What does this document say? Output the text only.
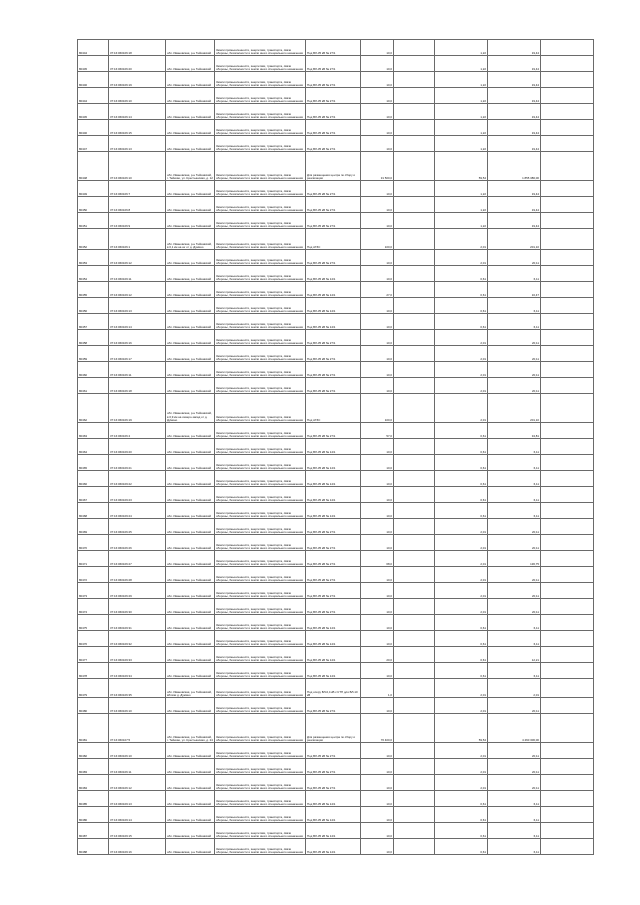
80444	37:16:060106:18	обл. Ивановская, р-н Тейковский	Земли промышленности, энергетики, транспорта, связи обороны, безопасности и земли иного специального назначения	Под ВЛ-35 кВ № 27/1	10,0		1,22	19,44	
80445	37:16:060106:20	обл. Ивановская, р-н Тейковский	Земли промышленности, энергетики, транспорта, связи обороны, безопасности и земли иного специального назначения	Под ВЛ-35 кВ № 27/1	10,0		1,22	19,44	
80446	37:16:060106:19	обл. Ивановская, р-н Тейковский	Земли промышленности, энергетики, транспорта, связи обороны, безопасности и земли иного специального назначения	Под ВЛ-35 кВ № 27/1	10,0		1,22	19,44	
80444	37:16:060106:10	обл. Ивановская, р-н Тейковский	Земли промышленности, энергетики, транспорта, связи обороны, безопасности и земли иного специального назначения	Под ВЛ-35 кВ № 27/1	10,0		1,22	19,44	
80445	37:16:060106:14	обл. Ивановская, р-н Тейковский	Земли промышленности, энергетики, транспорта, связи обороны, безопасности и земли иного специального назначения	Под ВЛ-35 кВ № 27/1	10,0		1,22	19,44	
80446	37:16:060106:15	обл. Ивановская, р-н Тейковский	Земли промышленности, энергетики, транспорта, связи обороны, безопасности и земли иного специального назначения	Под ВЛ-35 кВ № 27/1	10,0		1,22	19,44	
80447	37:16:060106:13	обл. Ивановская, р-н Тейковский	Земли промышленности, энергетики, транспорта, связи обороны, безопасности и земли иного специального назначения	Под ВЛ-35 кВ № 27/1	10,0		1,22	19,44	
80448	37:16:060106:10	обл. Ивановская, р-н Тейковский, г. Тейково, ул. Крестьянская, д. 12	Земли промышленности, энергетики, транспорта, связи обороны, безопасности и земли иного специального назначения	Для размещения центра по сбору и реализации	31 500,0		59,54	1 855 386,00	
80449	37:16:060106:7	обл. Ивановская, р-н Тейковский	Земли промышленности, энергетики, транспорта, связи обороны, безопасности и земли иного специального назначения	Под ВЛ-35 кВ № 27/1	10,0		1,22	19,44	
80450	37:16:060106:8	обл. Ивановская, р-н Тейковский	Земли промышленности, энергетики, транспорта, связи обороны, безопасности и земли иного специального назначения	Под ВЛ-35 кВ № 27/1	10,0		1,22	19,44	
80451	37:16:060106:9	обл. Ивановская, р-н Тейковский	Земли промышленности, энергетики, транспорта, связи обороны, безопасности и земли иного специального назначения	Под ВЛ-35 кВ № 27/1	10,0		1,22	19,44	
80452	37:16:060106:1	обл. Ивановская, р-н Тейковский, в 0,1 км на юг от д. Думино	Земли промышленности, энергетики, транспорта, связи обороны, безопасности и земли иного специального назначения	Под АГЗС	100,0		2,01	201,10	
80453	37:16:060106:12	обл. Ивановская, р-н Тейковский	Земли промышленности, энергетики, транспорта, связи обороны, безопасности и земли иного специального назначения	Под ВЛ-35 кВ № 27/1	10,0		2,01	20,11	
80454	37:16:060109:11	обл. Ивановская, р-н Тейковский	Земли промышленности, энергетики, транспорта, связи обороны, безопасности и земли иного специального назначения	Под ВЛ-35 кВ № 14/1	10,0		0,61	6,11	
80455	37:16:060109:12	обл. Ивановская, р-н Тейковский	Земли промышленности, энергетики, транспорта, связи обороны, безопasности и земли иного специального назначения	Под ВЛ-35 кВ № 14/1	27,0		0,61	16,47	
80456	37:16:060109:13	обл. Ивановская, р-н Тейковский	Земли промышленности, энергетики, транспорта, связи обороны, безопасности и земли иного специального назначения	Под ВЛ-35 кВ № 14/1	10,0		0,61	6,11	
80457	37:16:060109:14	обл. Ивановская, р-н Тейковский	Земли промышленности, энергетики, транспорта, связи обороны, безопасности и земли иного специального назначения	Под ВЛ-35 кВ № 14/1	10,0		0,61	6,11	
80458	37:16:060106:16	обл. Ивановская, р-н Тейковский	Земли промышленности, энергетики, транспорта, связи обороны, безопасности и земли иного специального назначения	Под ВЛ-35 кВ № 27/1	10,0		2,01	20,11	
80459	37:16:060106:17	обл. Ивановская, р-н Тейковский	Земли промышленности, энергетики, транспорта, связи обороны, безопасности и земли иного специального назначения	Под ВЛ-35 кВ № 27/1	10,0		2,01	20,11	
80460	37:16:060106:11	обл. Ивановская, р-н Тейковский	Земли промышленности, энергетики, транспорта, связи обороны, безопасности и земли иного специального назначения	Под ВЛ-35 кВ № 27/1	10,0		2,01	20,11	
80461	37:16:060106:18	обл. Ивановская, р-н Тейковский	Земли промышленности, энергетики, транспорта, связи обороны, безопасности и земли иного специального назначения	Под ВЛ-35 кВ № 27/1	10,0		2,01	20,11	
80462	37:16:060106:19	обл. Ивановская, р-н Тейковский, в 0,9 км на северо-запад от д. Думино	Земли промышленности, энергетики, транспорта, связи обороны, безопасности и земли иного специального назначения	Под АГЗС	100,0		2,01	201,10	
80463	37:16:060106:4	обл. Ивановская, р-н Тейковский	Земли промышленности, энергетики, транспорта, связи обороны, безопасности и земли иного специального назначения	Под ВЛ-35 кВ № 27/1	57,0		0,61	34,81	
80464	37:16:060109:20	обл. Ивановская, р-н Тейковский	Земли промышленности, энергетики, транспорта, связи обороны, безопасности и земли иного специального назначения	Под ВЛ-35 кВ № 14/1	10,0		0,61	6,11	
80465	37:16:060109:21	обл. Ивановская, р-н Тейковский	Земли промышленности, энергетики, транспорта, связи обороны, безопасности и земли иного специального назначения	Под ВЛ-35 кВ № 14/1	10,0		0,61	6,11	
80466	37:16:060109:22	обл. Ивановская, р-н Тейковский	Земли промышленности, энергетики, транспорта, связи обороны, безопасности и земли иного специального назначения	Под ВЛ-35 кВ № 14/1	10,0		0,61	6,11	
80467	37:16:060109:23	обл. Ивановская, р-н Тейковский	Земли промышленности, энергетики, транспорта, связи обороны, безопасности и земли иного специального назначения	Под ВЛ-35 кВ № 14/1	10,0		0,61	6,11	
80468	37:16:060109:24	обл. Ивановская, р-н Тейковский	Земли промышленности, энергетики, транспорта, связи обороны, безопасности и земли иного специального назначения	Под ВЛ-35 кВ № 14/1	10,0		0,61	6,11	
80469	37:16:060106:25	обл. Ивановская, р-н Тейковский	Земли промышленности, энергетики, транспорта, связи обороны, безопасности и земли иного специального назначения	Под ВЛ-35 кВ № 27/1	10,0		2,01	20,11	
80470	37:16:060106:26	обл. Ивановская, р-н Тейковский	Земли промышленности, энергетики, транспорта, связи обороны, безопасности и земли иного специального назначения	Под ВЛ-35 кВ № 27/1	10,0		2,01	20,11	
80471	37:16:060106:27	обл. Ивановская, р-н Тейковский	Земли промышленности, энергетики, транспорта, связи обороны, безопасности и земли иного специального назначения	Под ВЛ-35 кВ № 27/1	68,0		2,01	136,75	
80472	37:16:060106:28	обл. Ивановская, р-н Тейковский	Земли промышленности, энергетики, транспорта, связи обороны, безопасности и земли иного специального назначения	Под ВЛ-35 кВ № 27/1	10,0		2,01	20,11	
80473	37:16:060106:29	обл. Ивановская, р-н Тейковский	Земли промышленности, энергетики, транспорта, связи обороны, безопасности и земли иного специального назначения	Под ВЛ-35 кВ № 27/1	10,0		2,01	20,11	
80474	37:16:060106:30	обл. Ивановская, р-н Тейковский	Земли промышленности, энергетики, транспорта, связи обороны, безопасности и земли иного специального назначения	Под ВЛ-35 кВ № 27/1	10,0		2,01	20,11	
80475	37:16:060109:31	обл. Ивановская, р-н Тейковский	Земли промышленности, энергетики, транспорта, связи обороны, безопасности и земли иного специального назначения	Под ВЛ-35 кВ № 14/1	10,0		0,61	6,11	
80476	37:16:060109:32	обл. Ивановская, р-н Тейковский	Земли промышленности, энергетики, транспорта, связи обороны, безопасности и земли иного специального назначения	Под ВЛ-35 кВ № 14/1	10,0		0,61	6,11	
80477	37:16:060109:33	обл. Ивановская, р-н Тейковский	Земли промышленности, энергетики, транспорта, связи обороны, безопасности и земли иного специального назначения	Под ВЛ-35 кВ № 14/1	20,0		0,61	12,21	
80478	37:16:060109:34	обл. Ивановская, р-н Тейковский	Земли промышленности, энергетики, транспорта, связи обороны, безопасности и земли иного специального назначения	Под ВЛ-35 кВ № 14/1	10,0		0,61	6,11	
80479	37:16:060106:35	обл. Ивановская, р-н Тейковский, вблизи д. Думино	Земли промышленности, энергетики, транспорта, связи обороны, безопасности и земли иного специального назначения	Под опору ВЛ-0,4 кВ с КТП для ВЛ-10 кВ	1,0		2,01	2,01	
80480	37:16:060106:10	обл. Ивановская, р-н Тейковский	Земли промышленности, энергетики, транспорта, связи обороны, безопасности и земли иного специального назначения	Под ВЛ-35 кВ № 27/1	10,0		2,01	20,11	
80481	37:16:060107:5	обл. Ивановская, р-н Тейковский, г. Тейково, ул. Крестьянская, д. 24	Земли промышленности, энергетики, транспорта, связи обороны, безопасности и земли иного специального назначения	Для размещения центра по сбору и реализации	76 400,0		59,54	4 460 306,00	
80482	37:16:060106:10	обл. Ивановская, р-н Тейковский	Земли промышленности, энергетики, транспорта, связи обороны, безопасности и земли иного специального назначения	Под ВЛ-35 кВ № 27/1	10,0		2,01	20,11	
80483	37:16:060106:11	обл. Ивановская, р-н Тейковский	Земли промышленности, энергетики, транспорта, связи обороны, безопасности и земли иного специального назначения	Под ВЛ-35 кВ № 27/1	10,0		2,01	20,11	
80484	37:16:060106:12	обл. Ивановская, р-н Тейковский	Земли промышленности, энергетики, транспорта, связи обороны, безопасности и земли иного специального назначения	Под ВЛ-35 кВ № 27/1	10,0		2,01	20,11	
80485	37:16:060109:13	обл. Ивановская, р-н Тейковский	Земли промышленности, энергетики, транспорта, связи обороны, безопасности и земли иного специального назначения	Под ВЛ-35 кВ № 14/1	10,0		0,61	6,11	
80486	37:16:060109:14	обл. Ивановская, р-н Тейковский	Земли промышленности, энергетики, транспорта, связи обороны, безопасности и земли иного специального назначения	Под ВЛ-35 кВ № 14/1	10,0		0,61	6,11	
80487	37:16:060109:15	обл. Ивановская, р-н Тейковский	Земли промышленности, энергетики, транспорта, связи обороны, безопасности и земли иного специального назначения	Под ВЛ-35 кВ № 14/1	10,0		0,61	6,11	
80488	37:16:060109:16	обл. Ивановская, р-н Тейковский	Земли промышленности, энергетики, транспорта, связи обороны, безопасности и земли иного специального назначения	Под ВЛ-35 кВ № 14/1	10,0		0,61	6,11	
